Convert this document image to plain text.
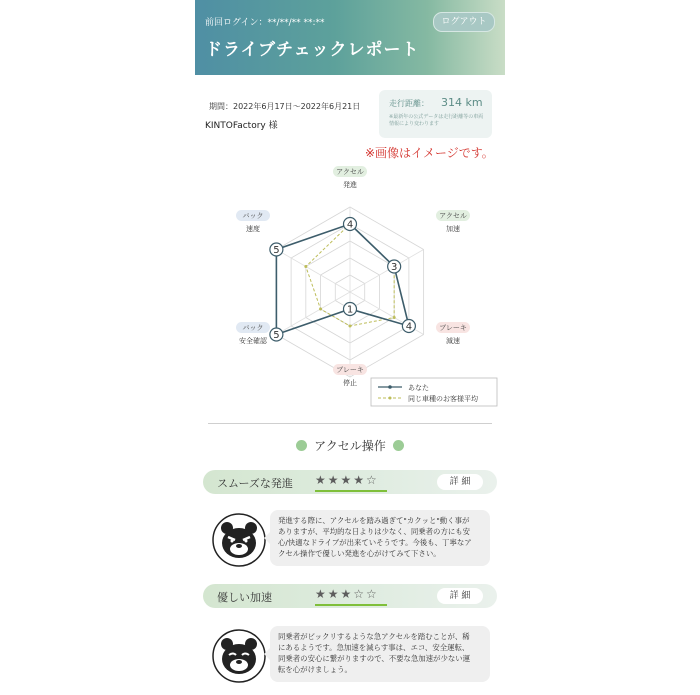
前回ログイン：**/**/** **:**	ログアウト
ドライブチェックレポート
期間：2022年6月17日～2022年6月21日
KINTOFactory 様
走行距離： 314 km
※最新年の公式データは走行距離等の車両情報により変わります
※画像はイメージです。
4
3
4
1
5
5
アクセル
発進
アクセル
加速
ブレーキ
減速
ブレーキ
停止
バック
安全確認
バック
速度
あなた
同じ車種のお客様平均
アクセル操作
スムーズな発進 ★★★★☆	詳 細
発進する際に、アクセルを踏み過ぎて"カクッと"動く事が
ありますが、平均的な日よりは少なく、同乗者の方にも安
心/快適なドライブが出来ていそうです。今後も、丁寧なア
クセル操作で優しい発進を心がけてみて下さい。
優しい加速	★★★☆☆	詳 細
同乗者がビックリするような急アクセルを踏むことが、稀
にあるようです。急加速を減らす事は、エコ、安全運転、
同乗者の安心に繋がりますので、不要な急加速が少ない運
転を心がけましょう。
